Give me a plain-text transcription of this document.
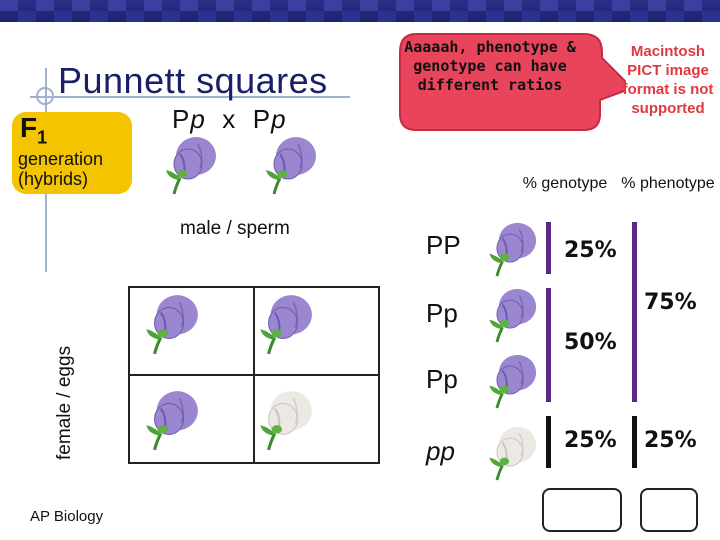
Punnett squares
$F_1$
generation (hybrids)
Pp x Pp
Aaaaah, phenotype & genotype can have different ratios
Macintosh PICT image format is not supported
male / sperm
female / eggs
% genotype % phenotype
PP
Pp
Pp
pp
25%
50%
25%
75%
25%
AP Biology
